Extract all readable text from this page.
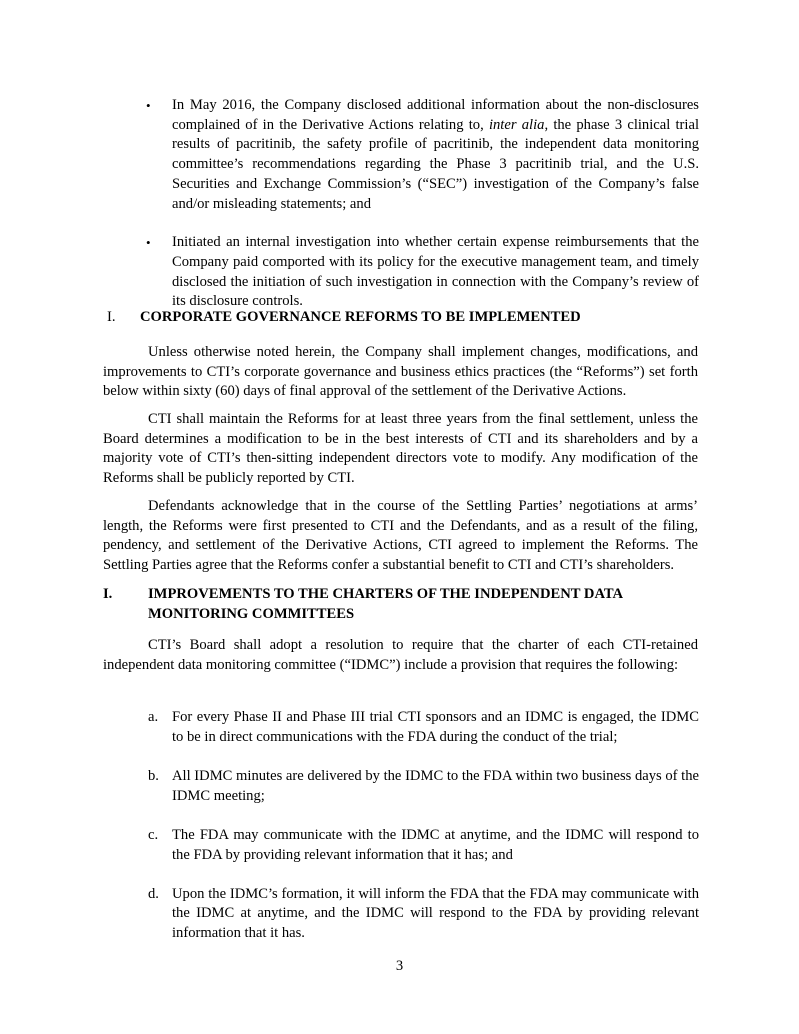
• In May 2016, the Company disclosed additional information about the non-disclosures complained of in the Derivative Actions relating to, inter alia, the phase 3 clinical trial results of pacritinib, the safety profile of pacritinib, the independent data monitoring committee’s recommendations regarding the Phase 3 pacritinib trial, and the U.S. Securities and Exchange Commission’s (“SEC”) investigation of the Company’s false and/or misleading statements; and
• Initiated an internal investigation into whether certain expense reimbursements that the Company paid comported with its policy for the executive management team, and timely disclosed the initiation of such investigation in connection with the Company’s review of its disclosure controls.
I. CORPORATE GOVERNANCE REFORMS TO BE IMPLEMENTED

Unless otherwise noted herein, the Company shall implement changes, modifications, and improvements to CTI’s corporate governance and business ethics practices (the “Reforms”) set forth below within sixty (60) days of final approval of the settlement of the Derivative Actions.

CTI shall maintain the Reforms for at least three years from the final settlement, unless the Board determines a modification to be in the best interests of CTI and its shareholders and by a majority vote of CTI’s then-sitting independent directors vote to modify. Any modification of the Reforms shall be publicly reported by CTI.

Defendants acknowledge that in the course of the Settling Parties’ negotiations at arms’ length, the Reforms were first presented to CTI and the Defendants, and as a result of the filing, pendency, and settlement of the Derivative Actions, CTI agreed to implement the Reforms. The Settling Parties agree that the Reforms confer a substantial benefit to CTI and CTI’s shareholders.

I. IMPROVEMENTS TO THE CHARTERS OF THE INDEPENDENT DATA MONITORING COMMITTEES

CTI’s Board shall adopt a resolution to require that the charter of each CTI-retained independent data monitoring committee (“IDMC”) include a provision that requires the following:

a. For every Phase II and Phase III trial CTI sponsors and an IDMC is engaged, the IDMC to be in direct communications with the FDA during the conduct of the trial;
b. All IDMC minutes are delivered by the IDMC to the FDA within two business days of the IDMC meeting;
c. The FDA may communicate with the IDMC at anytime, and the IDMC will respond to the FDA by providing relevant information that it has; and
d. Upon the IDMC’s formation, it will inform the FDA that the FDA may communicate with the IDMC at anytime, and the IDMC will respond to the FDA by providing relevant information that it has.
3
